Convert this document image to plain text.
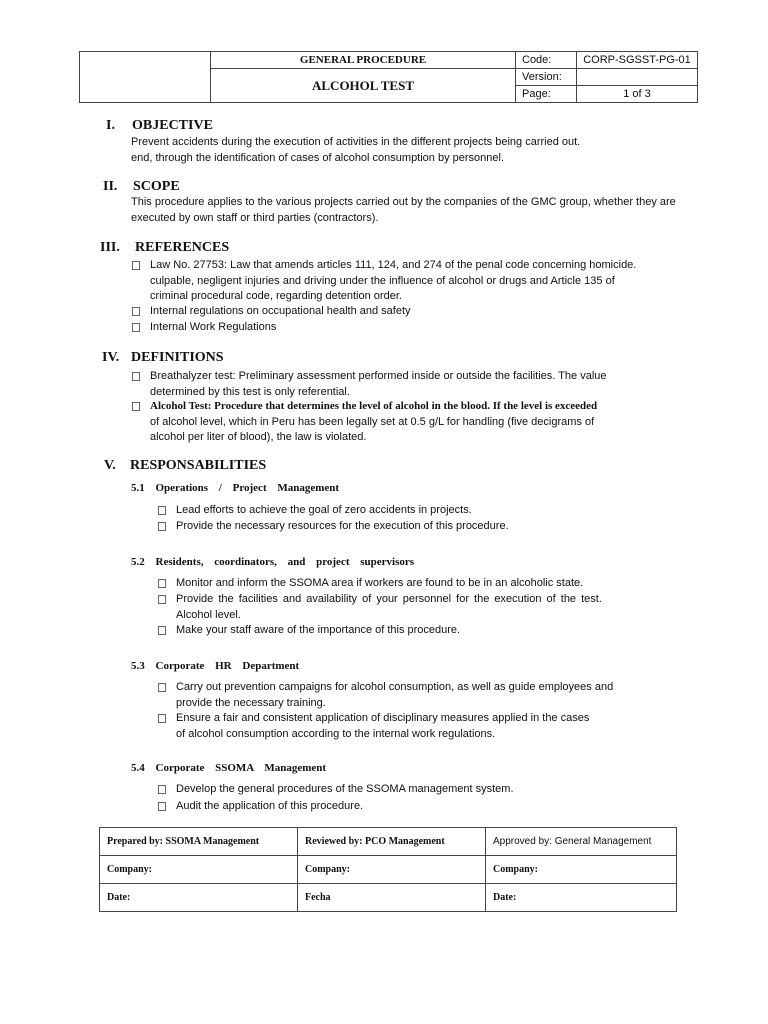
	GENERAL PROCEDURE	Code:	CORP-SGSST-PG-01
	ALCOHOL TEST	Version:	
		Page:	1 of 3
I.	OBJECTIVE
Prevent accidents during the execution of activities in the different projects being carried out.
end, through the identification of cases of alcohol consumption by personnel.
II.	SCOPE
This procedure applies to the various projects carried out by the companies of the GMC group, whether they are
executed by own staff or third parties (contractors).
III.	REFERENCES
Law No. 27753: Law that amends articles 111, 124, and 274 of the penal code concerning homicide.
culpable, negligent injuries and driving under the influence of alcohol or drugs and Article 135 of
criminal procedural code, regarding detention order.
Internal regulations on occupational health and safety
Internal Work Regulations
IV. DEFINITIONS
Breathalyzer test: Preliminary assessment performed inside or outside the facilities. The value
determined by this test is only referential.
Alcohol Test: Procedure that determines the level of alcohol in the blood. If the level is exceeded
of alcohol level, which in Peru has been legally set at 0.5 g/L for handling (five decigrams of
alcohol per liter of blood), the law is violated.
V.	RESPONSABILITIES
5.1 Operations / Project Management
Lead efforts to achieve the goal of zero accidents in projects.
Provide the necessary resources for the execution of this procedure.
5.2 Residents, coordinators, and project supervisors
Monitor and inform the SSOMA area if workers are found to be in an alcoholic state.
Provide the facilities and availability of your personnel for the execution of the test.
Alcohol level.
Make your staff aware of the importance of this procedure.
5.3 Corporate HR Department
Carry out prevention campaigns for alcohol consumption, as well as guide employees and
provide the necessary training.
Ensure a fair and consistent application of disciplinary measures applied in the cases
of alcohol consumption according to the internal work regulations.
5.4 Corporate SSOMA Management
Develop the general procedures of the SSOMA management system.
Audit the application of this procedure.
Prepared by: SSOMA Management	Reviewed by: PCO Management	Approved by: General Management
Company:	Company:	Company:
Date:	Fecha	Date:
